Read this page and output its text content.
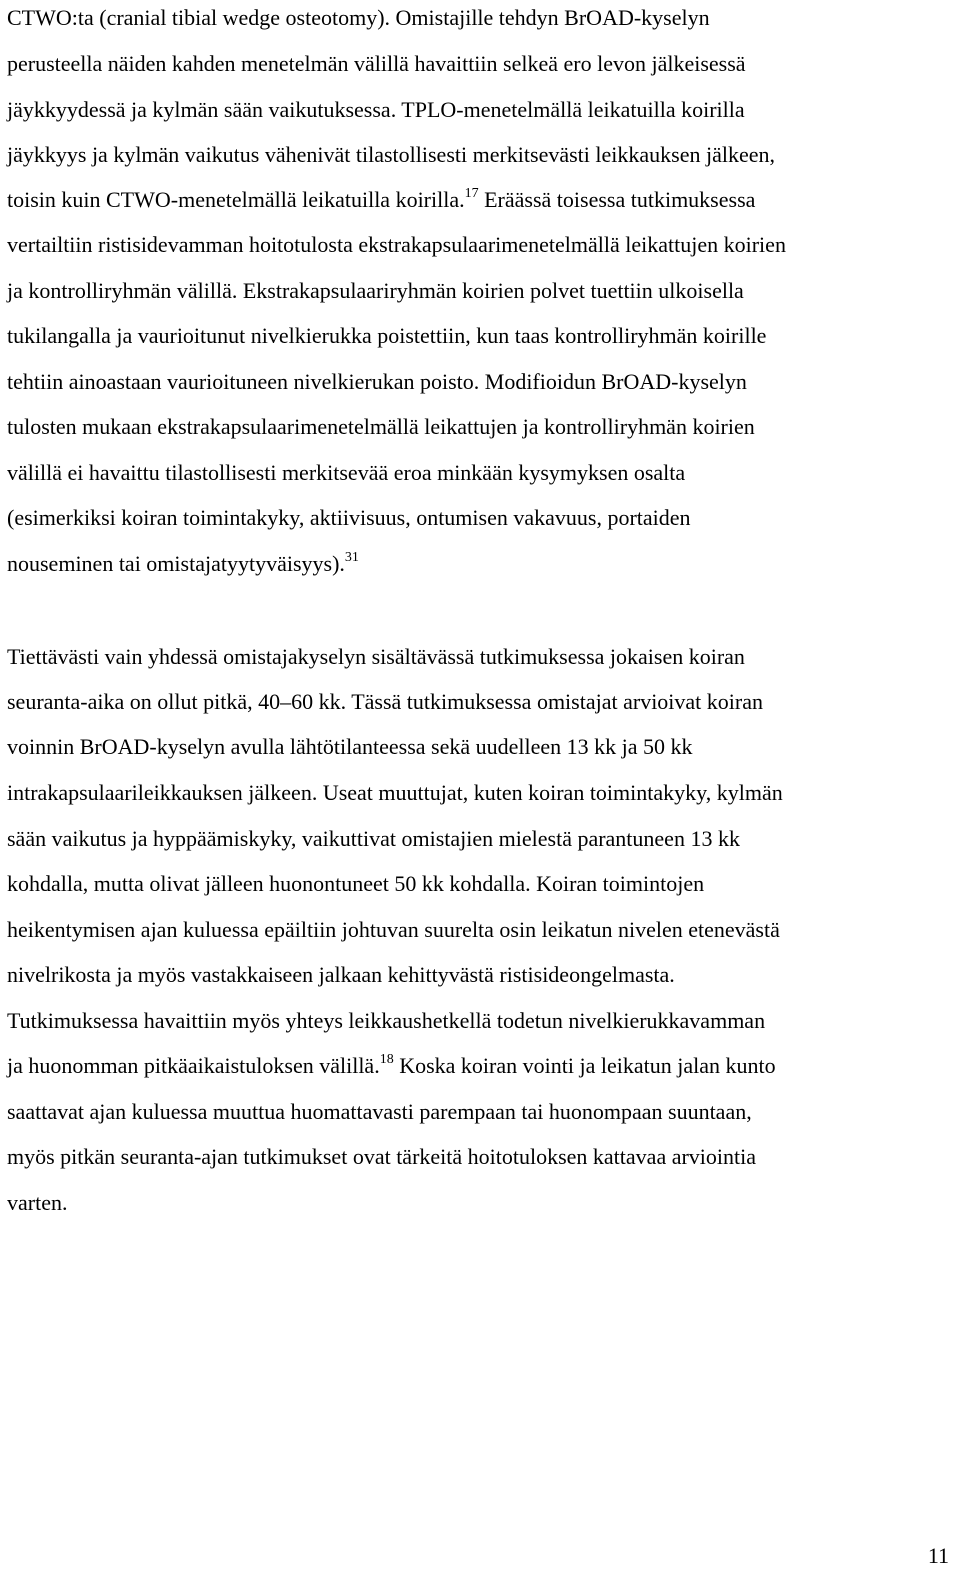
CTWO:ta (cranial tibial wedge osteotomy). Omistajille tehdyn BrOAD-kyselyn
perusteella näiden kahden menetelmän välillä havaittiin selkeä ero levon jälkeisessä
jäykkyydessä ja kylmän sään vaikutuksessa. TPLO-menetelmällä leikatuilla koirilla
jäykkyys ja kylmän vaikutus vähenivät tilastollisesti merkitsevästi leikkauksen jälkeen,
toisin kuin CTWO-menetelmällä leikatuilla koirilla.$^{17}$ Eräässä toisessa tutkimuksessa
vertailtiin ristisidevamman hoitotulosta ekstrakapsulaarimenetelmällä leikattujen koirien
ja kontrolliryhmän välillä. Ekstrakapsulaariryhmän koirien polvet tuettiin ulkoisella
tukilangalla ja vaurioitunut nivelkierukka poistettiin, kun taas kontrolliryhmän koirille
tehtiin ainoastaan vaurioituneen nivelkierukan poisto. Modifioidun BrOAD-kyselyn
tulosten mukaan ekstrakapsulaarimenetelmällä leikattujen ja kontrolliryhmän koirien
välillä ei havaittu tilastollisesti merkitsevää eroa minkään kysymyksen osalta
(esimerkiksi koiran toimintakyky, aktiivisuus, ontumisen vakavuus, portaiden
nouseminen tai omistajatyytyväisyys).$^{31}$
Tiettävästi vain yhdessä omistajakyselyn sisältävässä tutkimuksessa jokaisen koiran
seuranta-aika on ollut pitkä, 40–60 kk. Tässä tutkimuksessa omistajat arvioivat koiran
voinnin BrOAD-kyselyn avulla lähtötilanteessa sekä uudelleen 13 kk ja 50 kk
intrakapsulaarileikkauksen jälkeen. Useat muuttujat, kuten koiran toimintakyky, kylmän
sään vaikutus ja hyppäämiskyky, vaikuttivat omistajien mielestä parantuneen 13 kk
kohdalla, mutta olivat jälleen huonontuneet 50 kk kohdalla. Koiran toimintojen
heikentymisen ajan kuluessa epäiltiin johtuvan suurelta osin leikatun nivelen etenevästä
nivelrikosta ja myös vastakkaiseen jalkaan kehittyvästä ristisideongelmasta.
Tutkimuksessa havaittiin myös yhteys leikkaushetkellä todetun nivelkierukkavamman
ja huonomman pitkäaikaistuloksen välillä.$^{18}$ Koska koiran vointi ja leikatun jalan kunto
saattavat ajan kuluessa muuttua huomattavasti parempaan tai huonompaan suuntaan,
myös pitkän seuranta-ajan tutkimukset ovat tärkeitä hoitotuloksen kattavaa arviointia
varten.
11
